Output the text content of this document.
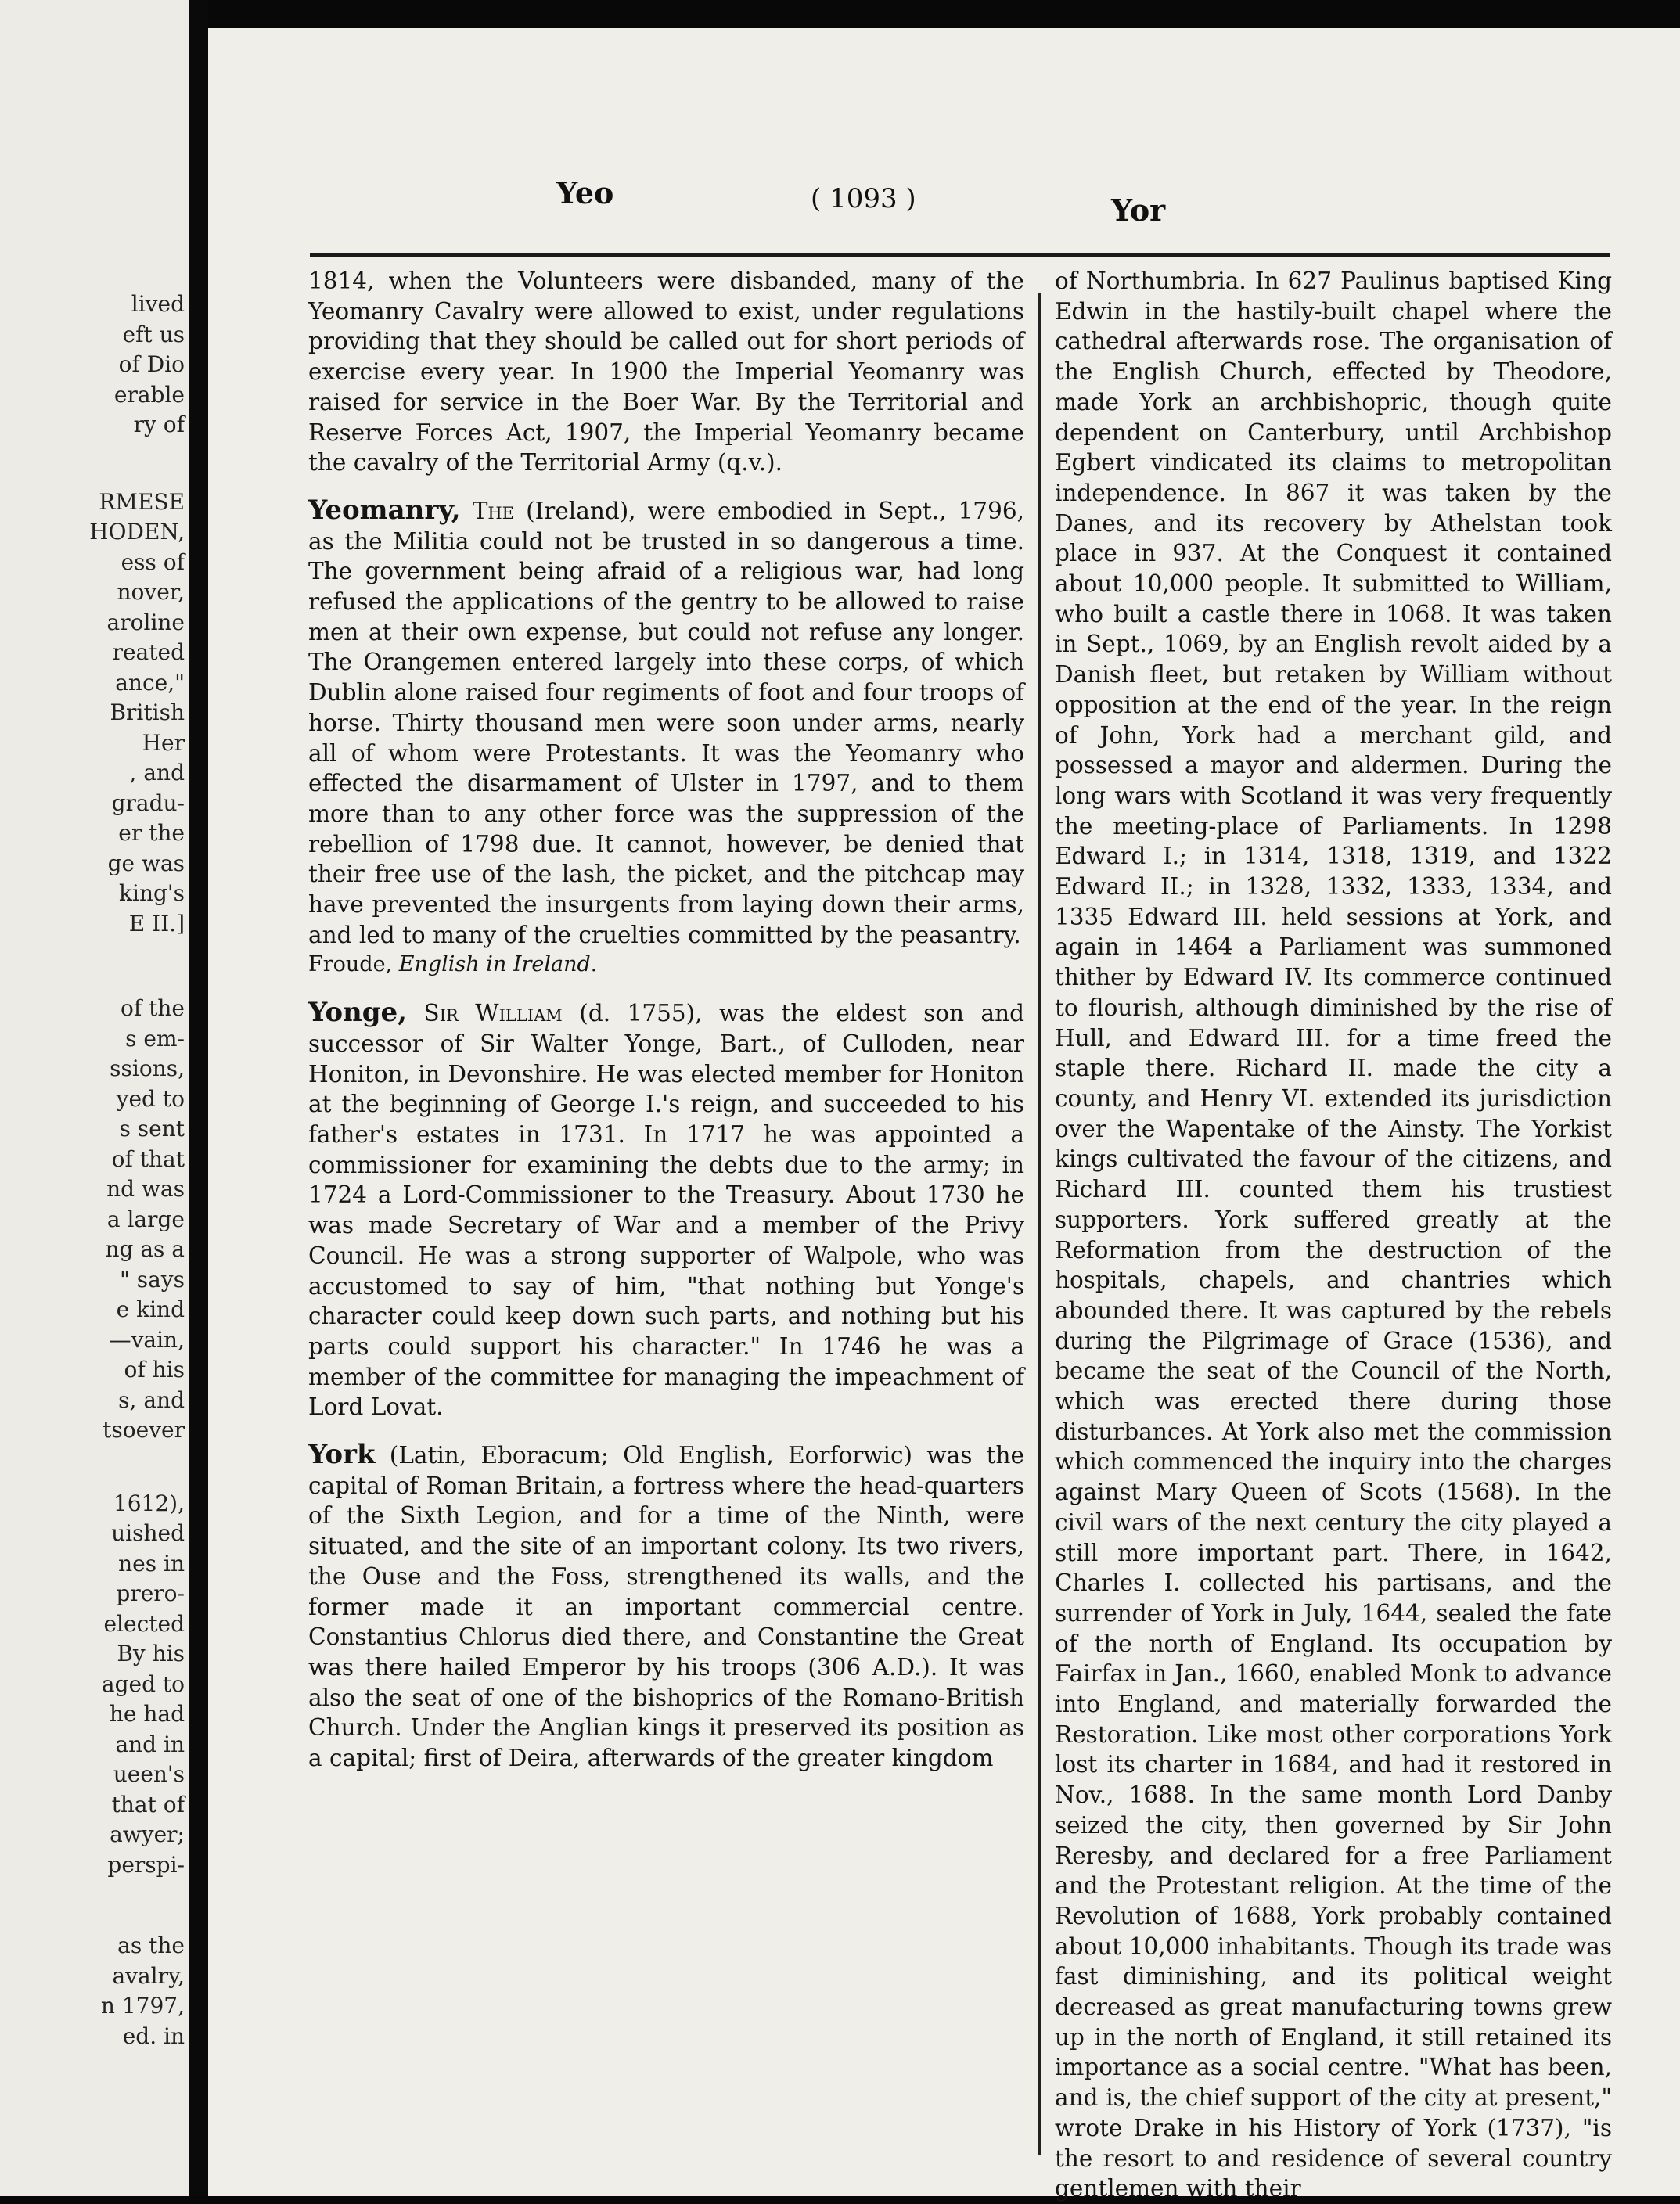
lived
eft us
of Dio
erable
ry of
RMESE
HODEN,
ess of
nover,
aroline
reated
ance,"
British
Her
, and
gradu-
er the
ge was
king's
E II.]
of the
s em-
ssions,
yed to
s sent
of that
nd was
a large
ng as a
" says
e kind
—vain,
of his
s, and
tsoever
1612),
uished
nes in
prero-
elected
By his
aged to
he had
and in
ueen's
that of
awyer;
perspi-
as the
avalry,
n 1797,
ed. in
Yeo	( 1093 )	Yor

1814, when the Volunteers were disbanded, many of the Yeomanry Cavalry were allowed to exist, under regulations providing that they should be called out for short periods of exercise every year. In 1900 the Imperial Yeomanry was raised for service in the Boer War. By the Territorial and Reserve Forces Act, 1907, the Imperial Yeomanry became the cavalry of the Territorial Army (q.v.).

Yeomanry, The (Ireland), were embodied in Sept., 1796, as the Militia could not be trusted in so dangerous a time. The government being afraid of a religious war, had long refused the applications of the gentry to be allowed to raise men at their own expense, but could not refuse any longer. The Orangemen entered largely into these corps, of which Dublin alone raised four regiments of foot and four troops of horse. Thirty thousand men were soon under arms, nearly all of whom were Protestants. It was the Yeomanry who effected the disarmament of Ulster in 1797, and to them more than to any other force was the suppression of the rebellion of 1798 due. It cannot, however, be denied that their free use of the lash, the picket, and the pitchcap may have prevented the insurgents from laying down their arms, and led to many of the cruelties committed by the peasantry.

Froude, English in Ireland.

Yonge, Sir William (d. 1755), was the eldest son and successor of Sir Walter Yonge, Bart., of Culloden, near Honiton, in Devonshire. He was elected member for Honiton at the beginning of George I.'s reign, and succeeded to his father's estates in 1731. In 1717 he was appointed a commissioner for examining the debts due to the army; in 1724 a Lord-Commissioner to the Treasury. About 1730 he was made Secretary of War and a member of the Privy Council. He was a strong supporter of Walpole, who was accustomed to say of him, "that nothing but Yonge's character could keep down such parts, and nothing but his parts could support his character." In 1746 he was a member of the committee for managing the impeachment of Lord Lovat.

York (Latin, Eboracum; Old English, Eorforwic) was the capital of Roman Britain, a fortress where the head-quarters of the Sixth Legion, and for a time of the Ninth, were situated, and the site of an important colony. Its two rivers, the Ouse and the Foss, strengthened its walls, and the former made it an important commercial centre. Constantius Chlorus died there, and Constantine the Great was there hailed Emperor by his troops (306 A.D.). It was also the seat of one of the bishoprics of the Romano-British Church. Under the Anglian kings it preserved its position as a capital; first of Deira, afterwards of the greater kingdom

of Northumbria. In 627 Paulinus baptised King Edwin in the hastily-built chapel where the cathedral afterwards rose. The organisation of the English Church, effected by Theodore, made York an archbishopric, though quite dependent on Canterbury, until Archbishop Egbert vindicated its claims to metropolitan independence. In 867 it was taken by the Danes, and its recovery by Athelstan took place in 937. At the Conquest it contained about 10,000 people. It submitted to William, who built a castle there in 1068. It was taken in Sept., 1069, by an English revolt aided by a Danish fleet, but retaken by William without opposition at the end of the year. In the reign of John, York had a merchant gild, and possessed a mayor and aldermen. During the long wars with Scotland it was very frequently the meeting-place of Parliaments. In 1298 Edward I.; in 1314, 1318, 1319, and 1322 Edward II.; in 1328, 1332, 1333, 1334, and 1335 Edward III. held sessions at York, and again in 1464 a Parliament was summoned thither by Edward IV. Its commerce continued to flourish, although diminished by the rise of Hull, and Edward III. for a time freed the staple there. Richard II. made the city a county, and Henry VI. extended its jurisdiction over the Wapentake of the Ainsty. The Yorkist kings cultivated the favour of the citizens, and Richard III. counted them his trustiest supporters. York suffered greatly at the Reformation from the destruction of the hospitals, chapels, and chantries which abounded there. It was captured by the rebels during the Pilgrimage of Grace (1536), and became the seat of the Council of the North, which was erected there during those disturbances. At York also met the commission which commenced the inquiry into the charges against Mary Queen of Scots (1568). In the civil wars of the next century the city played a still more important part. There, in 1642, Charles I. collected his partisans, and the surrender of York in July, 1644, sealed the fate of the north of England. Its occupation by Fairfax in Jan., 1660, enabled Monk to advance into England, and materially forwarded the Restoration. Like most other corporations York lost its charter in 1684, and had it restored in Nov., 1688. In the same month Lord Danby seized the city, then governed by Sir John Reresby, and declared for a free Parliament and the Protestant religion. At the time of the Revolution of 1688, York probably contained about 10,000 inhabitants. Though its trade was fast diminishing, and its political weight decreased as great manufacturing towns grew up in the north of England, it still retained its importance as a social centre. "What has been, and is, the chief support of the city at present," wrote Drake in his History of York (1737), "is the resort to and residence of several country gentlemen with their
